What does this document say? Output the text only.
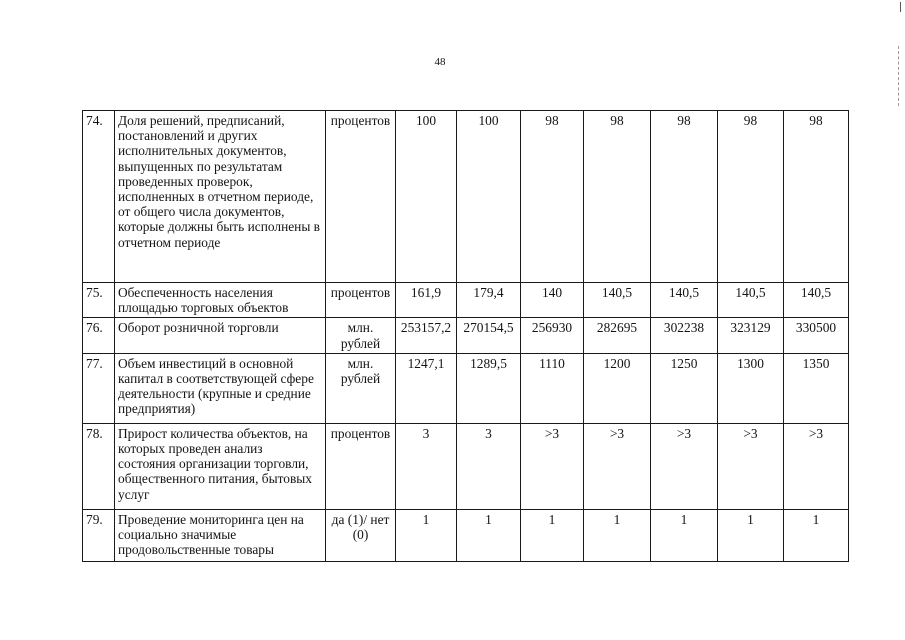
48
74.	Доля решений, предписаний, постановлений и других исполнительных документов, выпущенных по результатам проведенных проверок, исполненных в отчетном периоде, от общего числа документов, которые должны быть исполнены в отчетном периоде	процентов	100	100	98	98	98	98	98
75.	Обеспеченность населения площадью торговых объектов	процентов	161,9	179,4	140	140,5	140,5	140,5	140,5
76.	Оборот розничной торговли	млн. рублей	253157,2	270154,5	256930	282695	302238	323129	330500
77.	Объем инвестиций в основной капитал в соответствующей сфере деятельности (крупные и средние предприятия)	млн. рублей	1247,1	1289,5	1110	1200	1250	1300	1350
78.	Прирост количества объектов, на которых проведен анализ состояния организации торговли, общественного питания, бытовых услуг	процентов	3	3	>3	>3	>3	>3	>3
79.	Проведение мониторинга цен на социально значимые продовольственные товары	да (1)/ нет (0)	1	1	1	1	1	1	1
